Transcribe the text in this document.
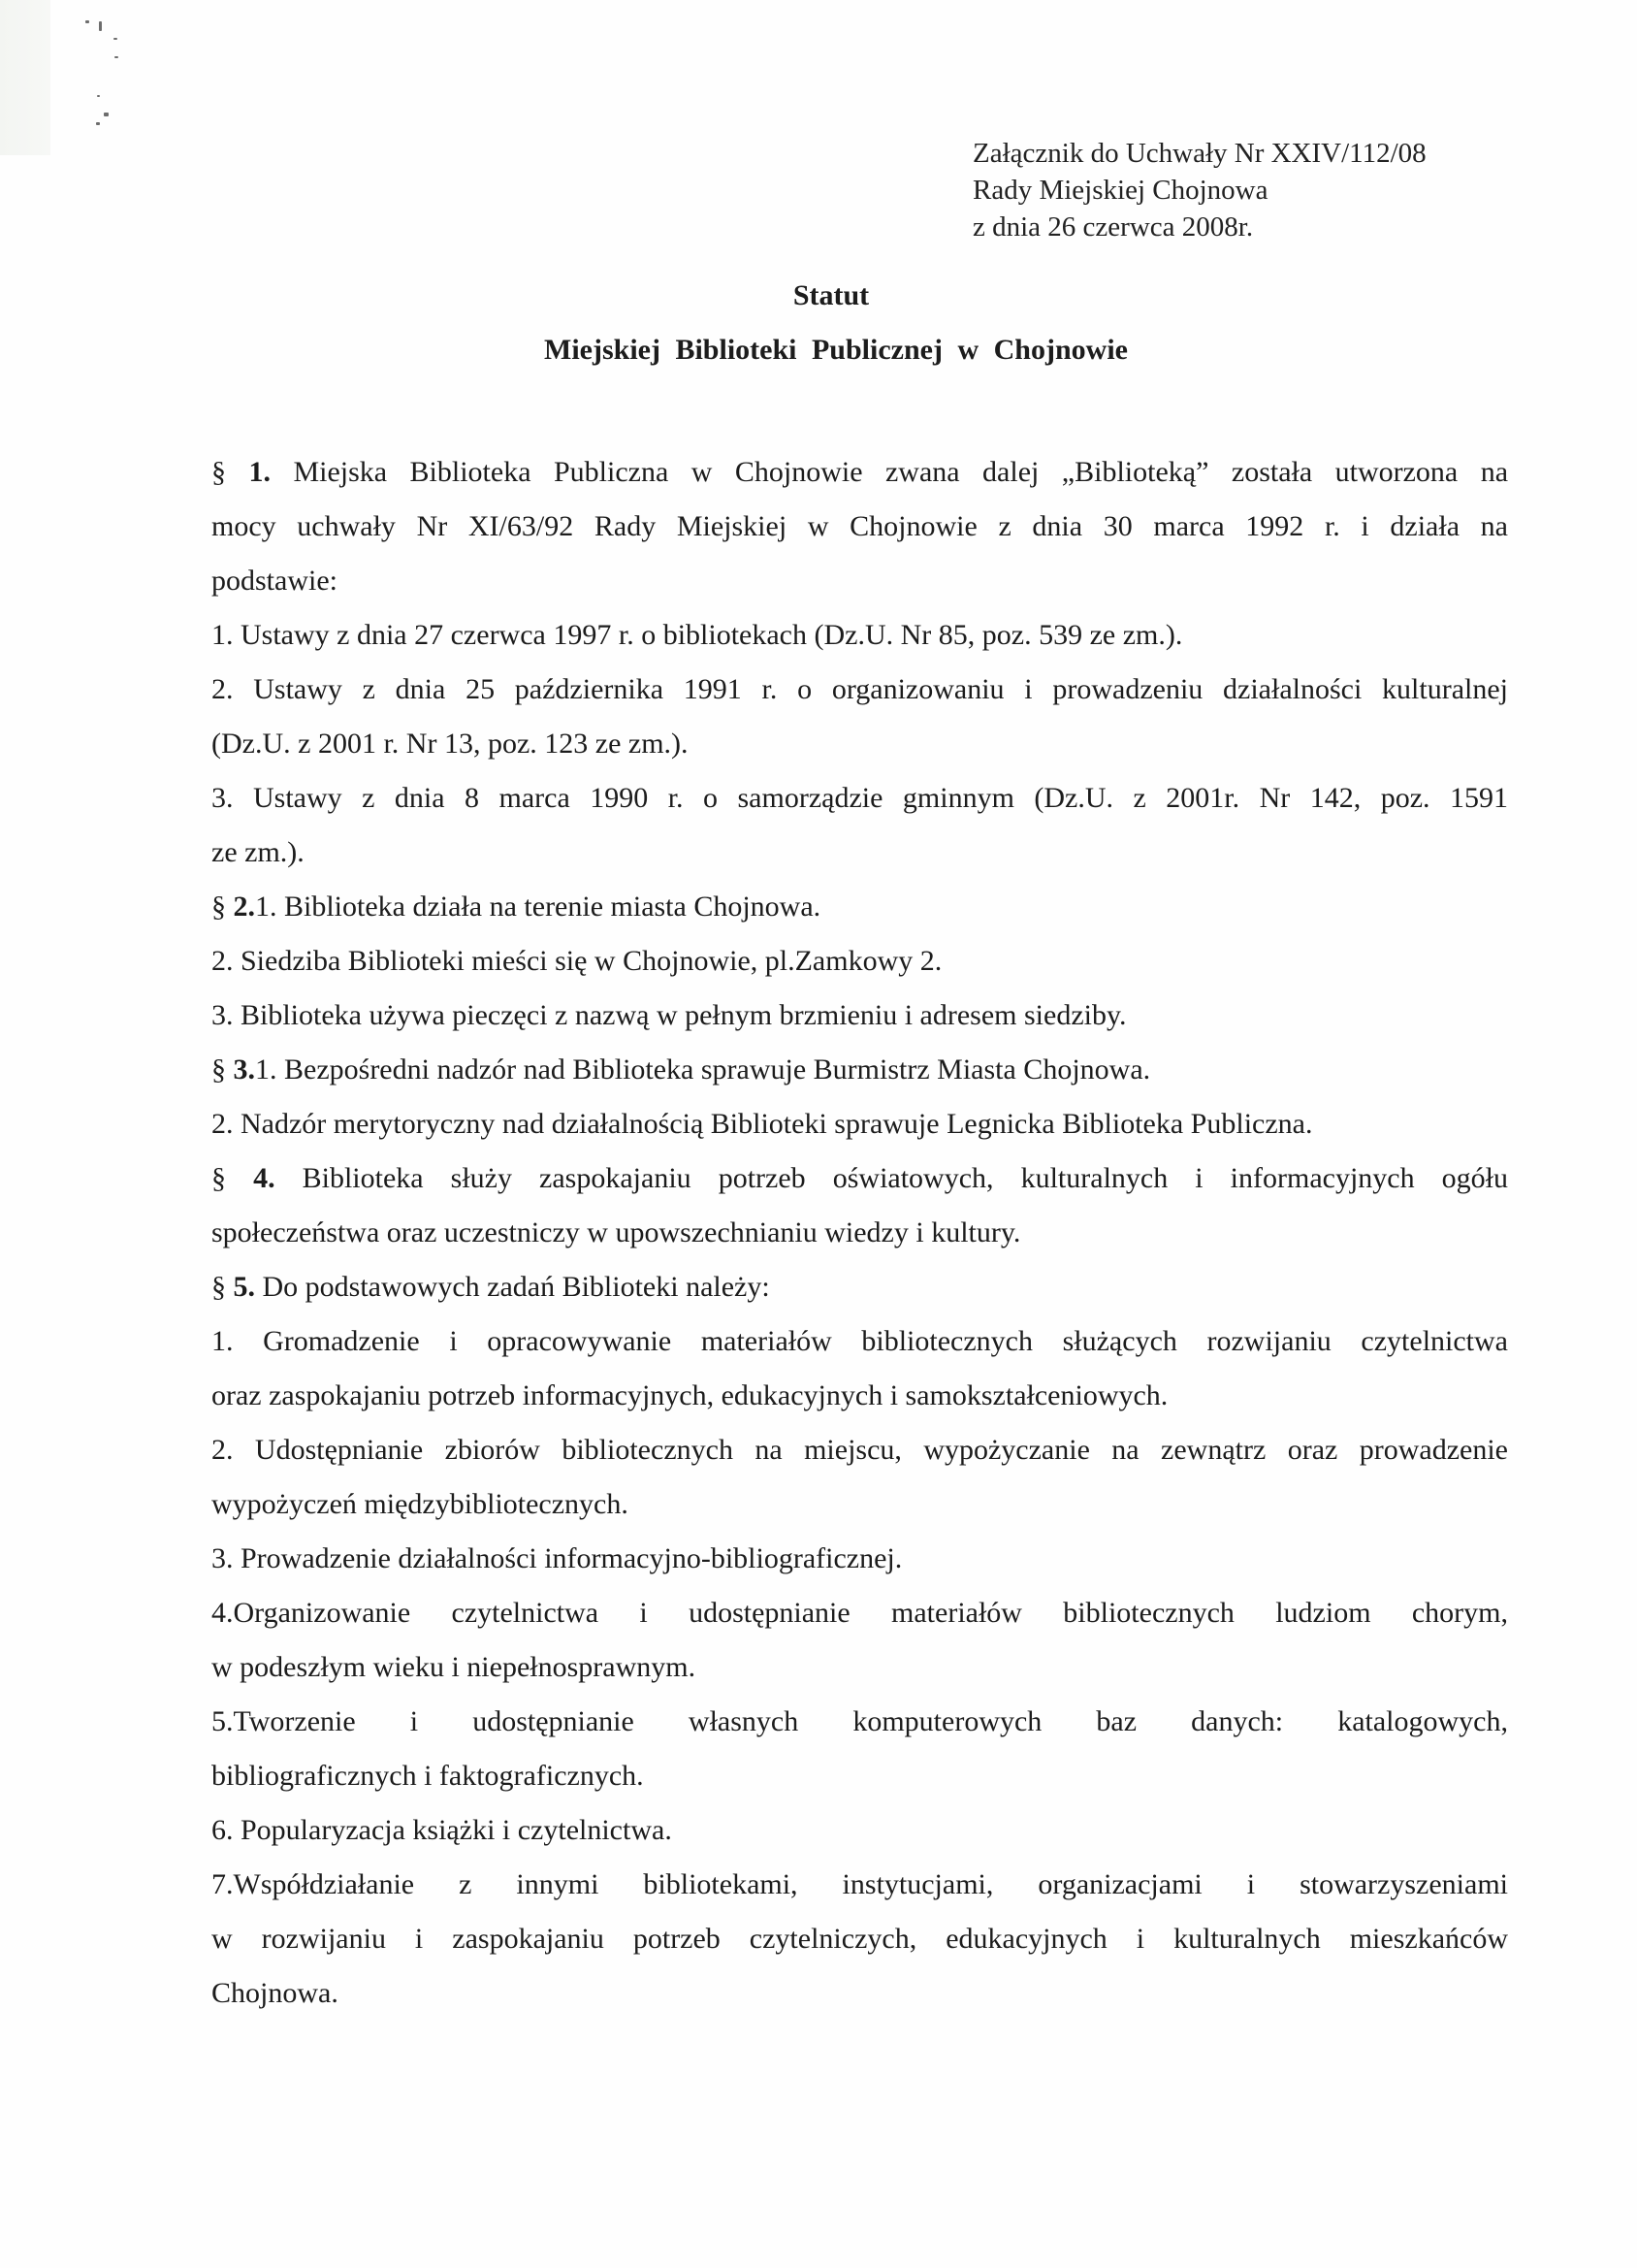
Załącznik do Uchwały Nr XXIV/112/08
Rady Miejskiej Chojnowa
z dnia 26 czerwca 2008r.
Statut
Miejskiej Biblioteki Publicznej w Chojnowie
§ 1. Miejska Biblioteka Publiczna w Chojnowie zwana dalej „Biblioteką” została utworzona na
mocy uchwały Nr XI/63/92 Rady Miejskiej w Chojnowie z dnia 30 marca 1992 r. i działa na
podstawie:
1. Ustawy z dnia 27 czerwca 1997 r. o bibliotekach (Dz.U. Nr 85, poz. 539 ze zm.).
2. Ustawy z dnia 25 października 1991 r. o organizowaniu i prowadzeniu działalności kulturalnej
(Dz.U. z 2001 r. Nr 13, poz. 123 ze zm.).
3. Ustawy z dnia 8 marca 1990 r. o samorządzie gminnym (Dz.U. z 2001r. Nr 142, poz. 1591
ze zm.).
§ 2.1. Biblioteka działa na terenie miasta Chojnowa.
2. Siedziba Biblioteki mieści się w Chojnowie, pl.Zamkowy 2.
3. Biblioteka używa pieczęci z nazwą w pełnym brzmieniu i adresem siedziby.
§ 3.1. Bezpośredni nadzór nad Biblioteka sprawuje Burmistrz Miasta Chojnowa.
2. Nadzór merytoryczny nad działalnością Biblioteki sprawuje Legnicka Biblioteka Publiczna.
§ 4. Biblioteka służy zaspokajaniu potrzeb oświatowych, kulturalnych i informacyjnych ogółu
społeczeństwa oraz uczestniczy w upowszechnianiu wiedzy i kultury.
§ 5. Do podstawowych zadań Biblioteki należy:
1. Gromadzenie i opracowywanie materiałów bibliotecznych służących rozwijaniu czytelnictwa
oraz zaspokajaniu potrzeb informacyjnych, edukacyjnych i samokształceniowych.
2. Udostępnianie zbiorów bibliotecznych na miejscu, wypożyczanie na zewnątrz oraz prowadzenie
wypożyczeń międzybibliotecznych.
3. Prowadzenie działalności informacyjno-bibliograficznej.
4.Organizowanie czytelnictwa i udostępnianie materiałów bibliotecznych ludziom chorym,
w podeszłym wieku i niepełnosprawnym.
5.Tworzenie i udostępnianie własnych komputerowych baz danych: katalogowych,
bibliograficznych i faktograficznych.
6. Popularyzacja książki i czytelnictwa.
7.Współdziałanie z innymi bibliotekami, instytucjami, organizacjami i stowarzyszeniami
w rozwijaniu i zaspokajaniu potrzeb czytelniczych, edukacyjnych i kulturalnych mieszkańców
Chojnowa.
